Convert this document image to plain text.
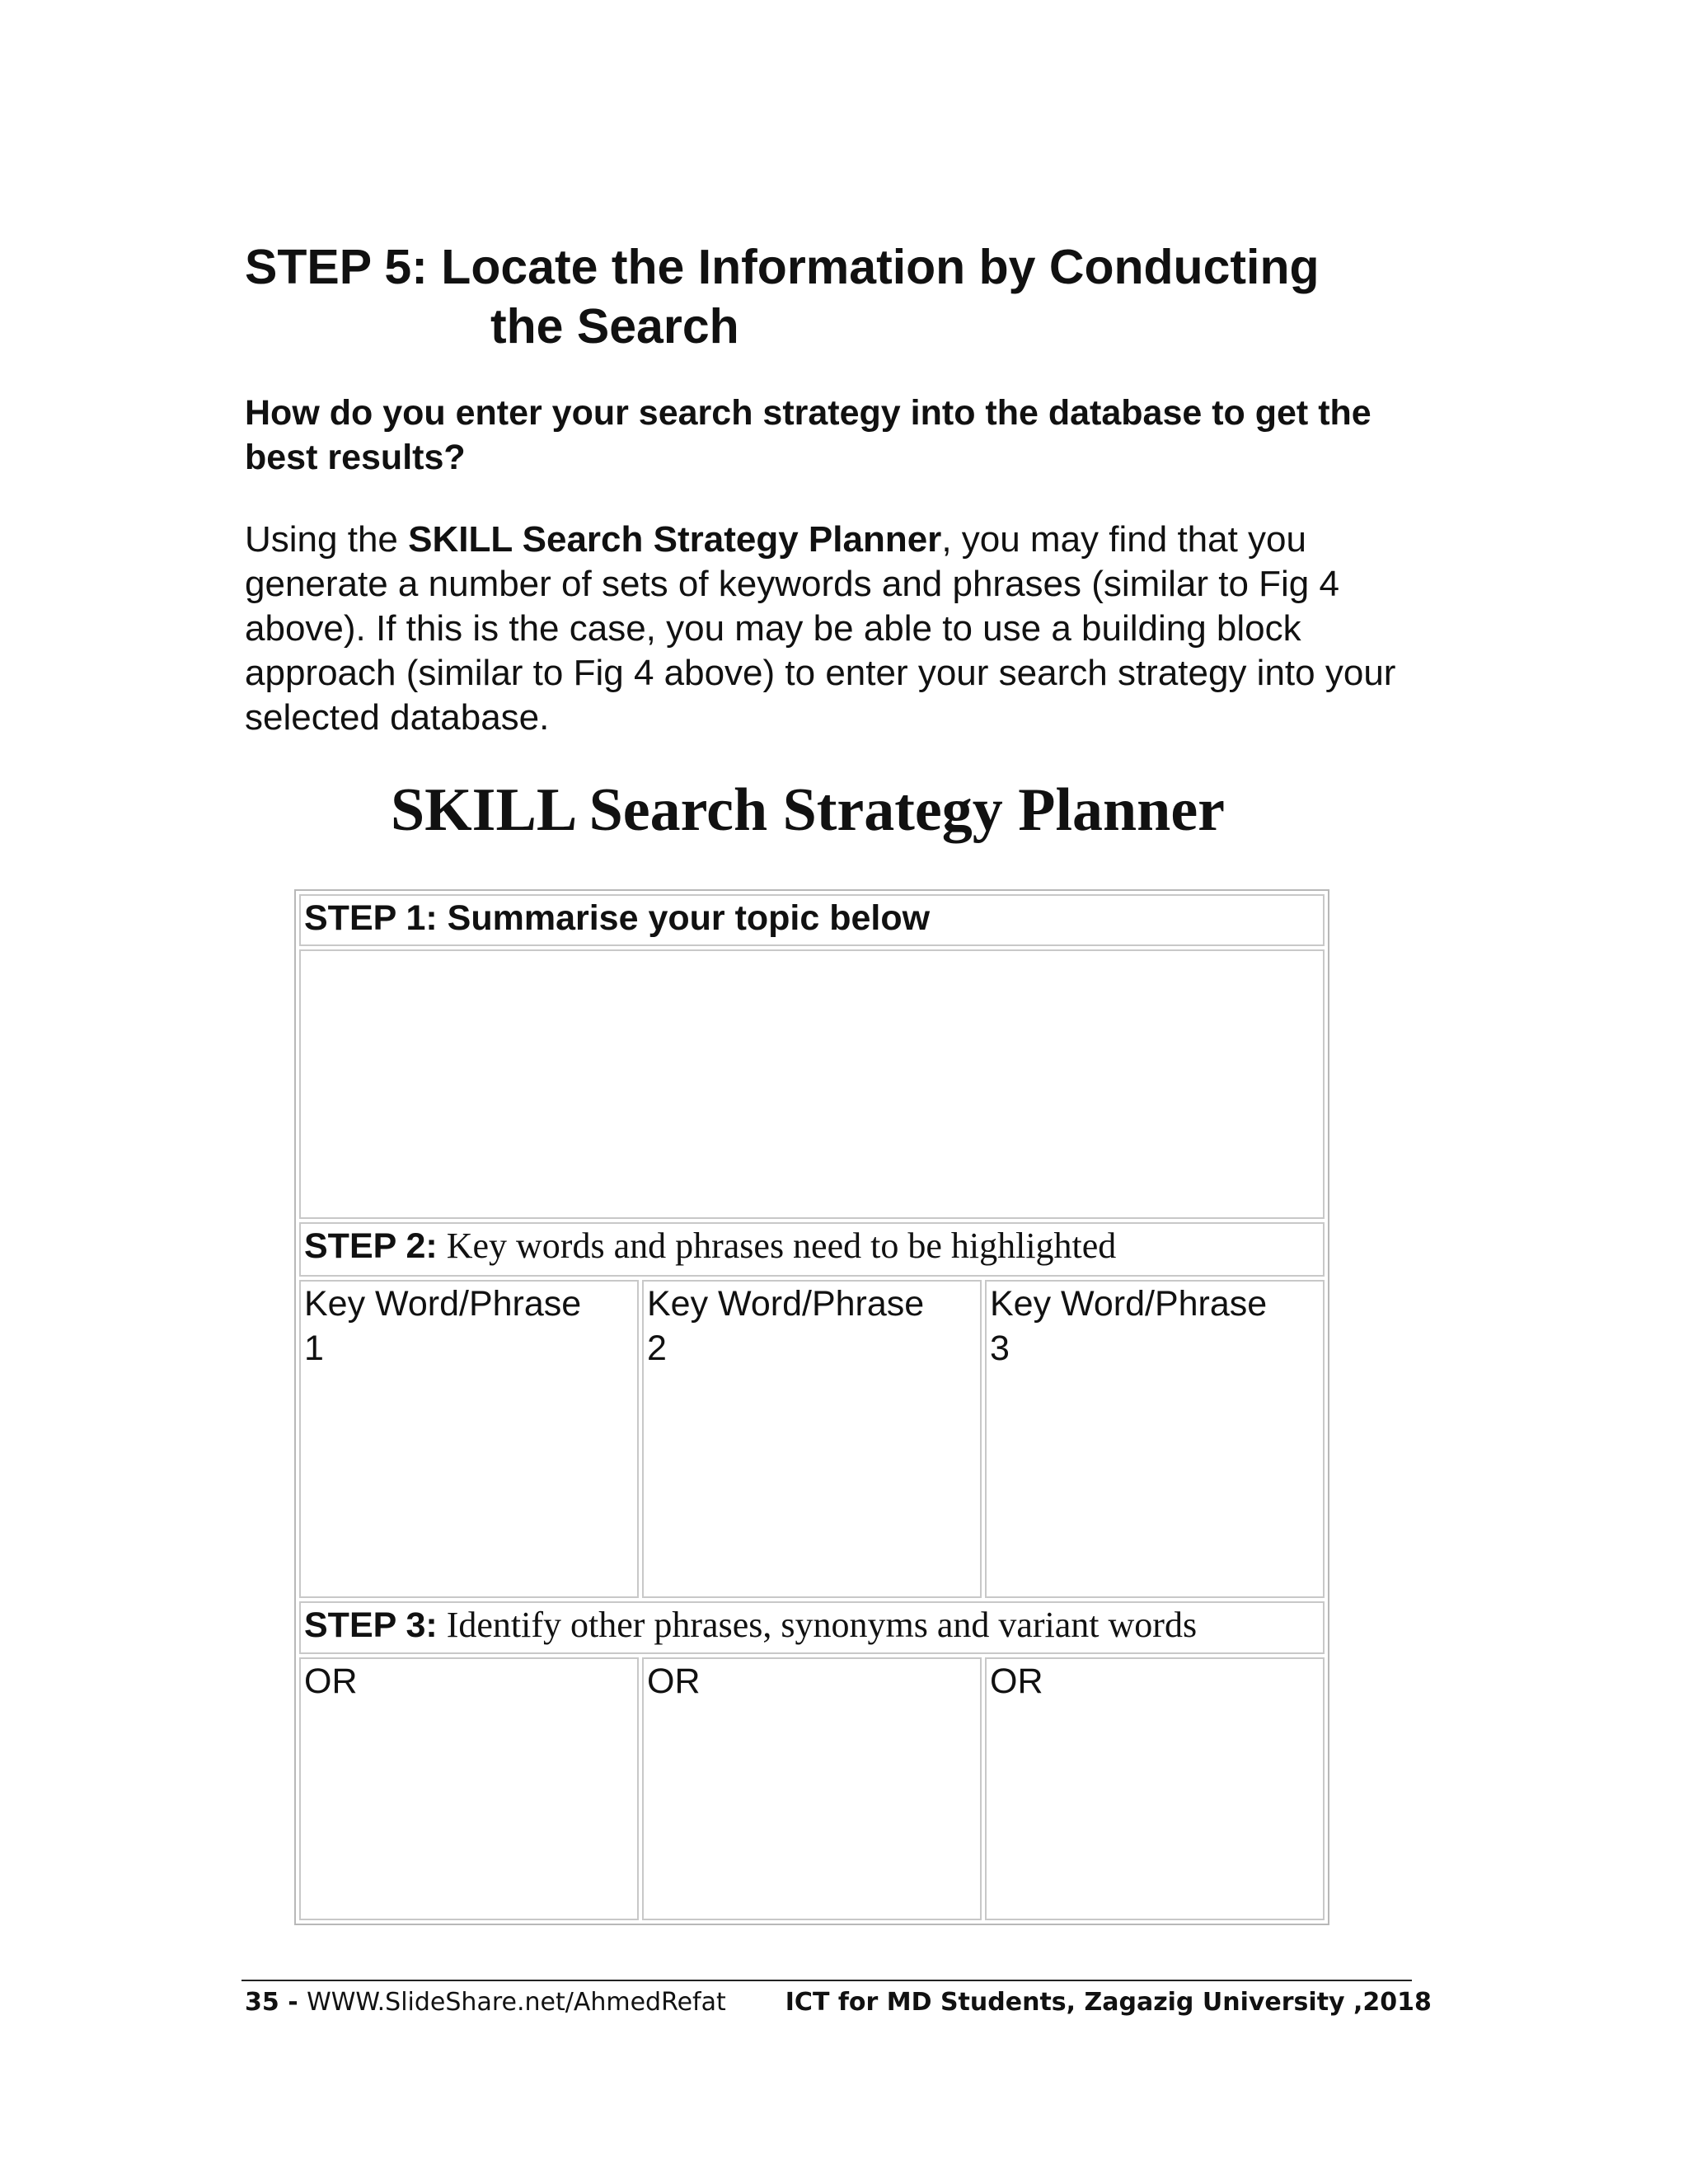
STEP 5: Locate the Information by Conducting
the Search

How do you enter your search strategy into the database to get the best results?

Using the SKILL Search Strategy Planner, you may find that you generate a number of sets of keywords and phrases (similar to Fig 4 above). If this is the case, you may be able to use a building block approach (similar to Fig 4 above) to enter your search strategy into your selected database.

SKILL Search Strategy Planner
STEP 1: Summarise your topic below
STEP 2: Key words and phrases need to be highlighted
Key Word/Phrase
1
Key Word/Phrase
2
Key Word/Phrase
3
STEP 3: Identify other phrases, synonyms and variant words
OR	OR	OR
35 - WWW.SlideShare.net/AhmedRefat ICT for MD Students, Zagazig University ,2018
